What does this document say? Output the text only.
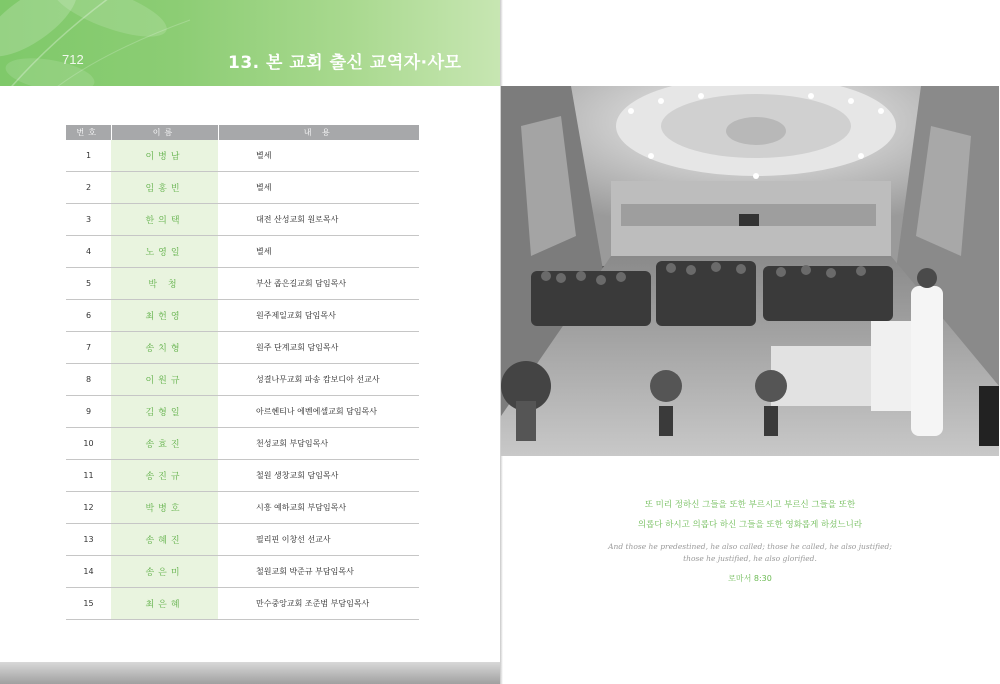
712	13. 본 교회 출신 교역자·사모
번호	이름	내 용
1	이병남	별세
2	임홍빈	별세
3	한의택	대전 산성교회 원로목사
4	노영일	별세
5	박 청	부산 좁은길교회 담임목사
6	최헌영	원주제일교회 담임목사
7	송치형	원주 단계교회 담임목사
8	이원규	성결나무교회 파송 캄보디아 선교사
9	김형일	아르헨티나 에벤에셀교회 담임목사
10	송효진	천성교회 부담임목사
11	송진규	철원 생창교회 담임목사
12	박병호	시흥 예하교회 부담임목사
13	송혜진	필리핀 이창선 선교사
14	송은미	철원교회 박준규 부담임목사
15	최은혜	만수중앙교회 조준범 부담임목사

또 미리 정하신 그들을 또한 부르시고 부르신 그들을 또한
의롭다 하시고 의롭다 하신 그들을 또한 영화롭게 하셨느니라

And those he predestined, he also called; those he called, he also justified;
those he justified, he also glorified.

로마서 8:30
